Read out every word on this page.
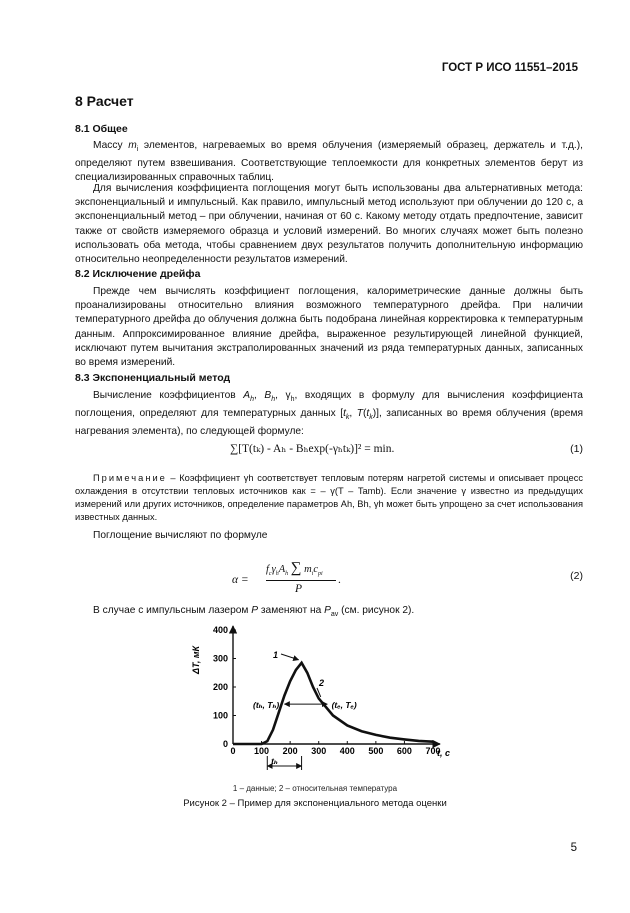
ГОСТ Р ИСО 11551–2015
8 Расчет
8.1 Общее

Массу $m_i$ элементов, нагреваемых во время облучения (измеряемый образец, держатель и т.д.), определяют путем взвешивания. Соответствующие теплоемкости для конкретных элементов берут из специализированных справочных таблиц.

Для вычисления коэффициента поглощения могут быть использованы два альтернативных метода: экспоненциальный и импульсный. Как правило, импульсный метод используют при облучении до 120 с, а экспоненциальный метод – при облучении, начиная от 60 с. Какому методу отдать предпочтение, зависит также от свойств измеряемого образца и условий измерений. Во многих случаях может быть полезно использовать оба метода, чтобы сравнением двух результатов получить дополнительную информацию относительно неопределенности результатов измерений.

8.2 Исключение дрейфа

Прежде чем вычислять коэффициент поглощения, калориметрические данные должны быть проанализированы относительно влияния возможного температурного дрейфа. При наличии температурного дрейфа до облучения должна быть подобрана линейная корректировка к температурным данным. Аппроксимированное влияние дрейфа, выраженное результирующей линейной функцией, исключают путем вычитания экстраполированных значений из ряда температурных данных, записанных во время измерений.

8.3 Экспоненциальный метод

Вычисление коэффициентов $A_h$, $B_h$, $\gamma_h$, входящих в формулу для вычисления коэффициента поглощения, определяют для температурных данных [$t_k$, $T(t_k)$], записанных во время облучения (время нагревания элемента), по следующей формуле:

∑[T(tₖ) - Aₕ - Bₕexp(-γₕtₖ)]² = min.	(1)

Примечание – Коэффициент γh соответствует тепловым потерям нагретой системы и описывает процесс охлаждения в отсутствии тепловых источников как = – γ(T – Tamb). Если значение γ известно из предыдущих измерений или других источников, определение параметров Ah, Bh, γh может быть упрощено за счет использования известных данных.

Поглощение вычисляют по формуле

α =
$f_c\gamma_hA_h$ ∑ $m_ic_{pi}$
P
.	(2)

В случае с импульсным лазером P заменяют на $P_{av}$ (см. рисунок 2).

0 100 200 300 400 500 600 700
0
100
200
300
400
t, с
ΔT, мК	1
2
(tₕ, Tₕ)	(tₑ, Tₑ)
tₕ
1 – данные; 2 – относительная температура
Рисунок 2 – Пример для экспоненциального метода оценки
5
